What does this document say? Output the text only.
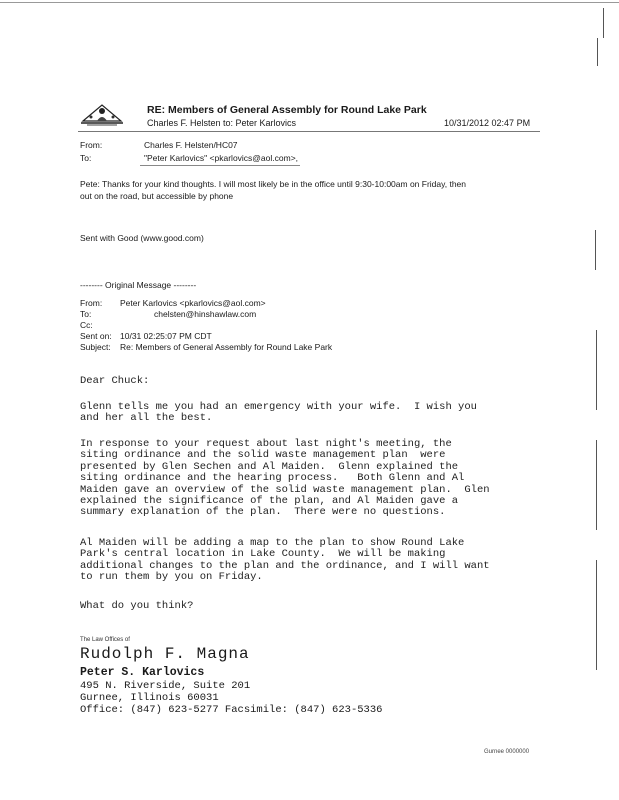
RE: Members of General Assembly for Round Lake Park
Charles F. Helsten to: Peter Karlovics	10/31/2012 02:47 PM
From:	Charles F. Helsten/HC07
To:	"Peter Karlovics" <pkarlovics@aol.com>,
Pete: Thanks for your kind thoughts. I will most likely be in the office until 9:30-10:00am on Friday, then
out on the road, but accessible by phone
Sent with Good (www.good.com)
-------- Original Message --------
From: Peter Karlovics <pkarlovics@aol.com>
To:	chelsten@hinshawlaw.com
Cc:
Sent on: 10/31 02:25:07 PM CDT
Subject: Re: Members of General Assembly for Round Lake Park
Dear Chuck:
Glenn tells me you had an emergency with your wife.  I wish you
and her all the best.
In response to your request about last night's meeting, the
siting ordinance and the solid waste management plan  were
presented by Glen Sechen and Al Maiden.  Glenn explained the
siting ordinance and the hearing process.   Both Glenn and Al
Maiden gave an overview of the solid waste management plan.  Glen
explained the significance of the plan, and Al Maiden gave a
summary explanation of the plan.  There were no questions.
Al Maiden will be adding a map to the plan to show Round Lake
Park's central location in Lake County.  We will be making
additional changes to the plan and the ordinance, and I will want
to run them by you on Friday.
What do you think?
The Law Offices of
Rudolph F. Magna
Peter S. Karlovics
495 N. Riverside, Suite 201
Gurnee, Illinois 60031
Office: (847) 623-5277 Facsimile: (847) 623-5336
Gurnee 0000000
